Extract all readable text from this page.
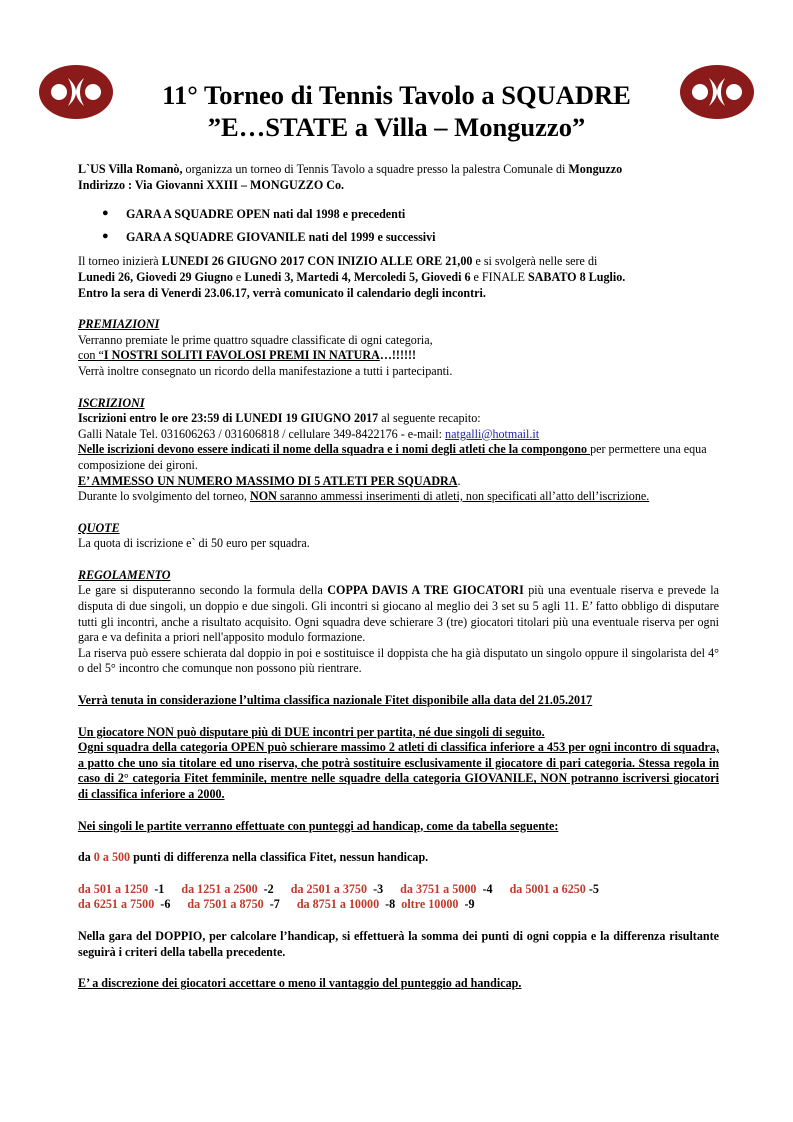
11° Torneo di Tennis Tavolo a SQUADRE
”E…STATE a Villa – Monguzzo”

L`US Villa Romanò, organizza un torneo di Tennis Tavolo a squadre presso la palestra Comunale di Monguzzo
Indirizzo : Via Giovanni XXIII – MONGUZZO Co.

● GARA A SQUADRE OPEN nati dal 1998 e precedenti
● GARA A SQUADRE GIOVANILE nati del 1999 e successivi

Il torneo inizierà LUNEDI 26 GIUGNO 2017 CON INIZIO ALLE ORE 21,00 e si svolgerà nelle sere di
Lunedi 26, Giovedi 29 Giugno e Lunedi 3, Martedi 4, Mercoledi 5, Giovedi 6 e FINALE SABATO 8 Luglio.
Entro la sera di Venerdi 23.06.17, verrà comunicato il calendario degli incontri.

PREMIAZIONI

Verranno premiate le prime quattro squadre classificate di ogni categoria,
con “I NOSTRI SOLITI FAVOLOSI PREMI IN NATURA…!!!!!!
Verrà inoltre consegnato un ricordo della manifestazione a tutti i partecipanti.

ISCRIZIONI

Iscrizioni entro le ore 23:59 di LUNEDI 19 GIUGNO 2017 al seguente recapito:
Galli Natale Tel. 031606263 / 031606818 / cellulare 349-8422176 - e-mail: natgalli@hotmail.it
Nelle iscrizioni devono essere indicati il nome della squadra e i nomi degli atleti che la compongono per permettere una equa composizione dei gironi.
E’ AMMESSO UN NUMERO MASSIMO DI 5 ATLETI PER SQUADRA.

Durante lo svolgimento del torneo, NON saranno ammessi inserimenti di atleti, non specificati all’atto dell’iscrizione.

QUOTE

La quota di iscrizione e` di 50 euro per squadra.

REGOLAMENTO

Le gare si disputeranno secondo la formula della COPPA DAVIS A TRE GIOCATORI più una eventuale riserva e prevede la disputa di due singoli, un doppio e due singoli. Gli incontri si giocano al meglio dei 3 set su 5 agli 11. E’ fatto obbligo di disputare tutti gli incontri, anche a risultato acquisito. Ogni squadra deve schierare 3 (tre) giocatori titolari più una eventuale riserva per ogni gara e va definita a priori nell'apposito modulo formazione.

La riserva può essere schierata dal doppio in poi e sostituisce il doppista che ha già disputato un singolo oppure il singolarista del 4° o del 5° incontro che comunque non possono più rientrare.

Verrà tenuta in considerazione l’ultima classifica nazionale Fitet disponibile alla data del 21.05.2017

Un giocatore NON può disputare più di DUE incontri per partita, né due singoli di seguito.

Ogni squadra della categoria OPEN può schierare massimo 2 atleti di classifica inferiore a 453 per ogni incontro di squadra, a patto che uno sia titolare ed uno riserva, che potrà sostituire esclusivamente il giocatore di pari categoria. Stessa regola in caso di 2° categoria Fitet femminile, mentre nelle squadre della categoria GIOVANILE, NON potranno iscriversi giocatori di classifica inferiore a 2000.

Nei singoli le partite verranno effettuate con punteggi ad handicap, come da tabella seguente:

da 0 a 500 punti di differenza nella classifica Fitet, nessun handicap.

da 501 a 1250 -1 da 1251 a 2500 -2 da 2501 a 3750 -3 da 3751 a 5000 -4 da 5001 a 6250 -5
da 6251 a 7500 -6 da 7501 a 8750 -7 da 8751 a 10000 -8 oltre 10000 -9

Nella gara del DOPPIO, per calcolare l’handicap, si effettuerà la somma dei punti di ogni coppia e la differenza risultante seguirà i criteri della tabella precedente.

E’ a discrezione dei giocatori accettare o meno il vantaggio del punteggio ad handicap.
